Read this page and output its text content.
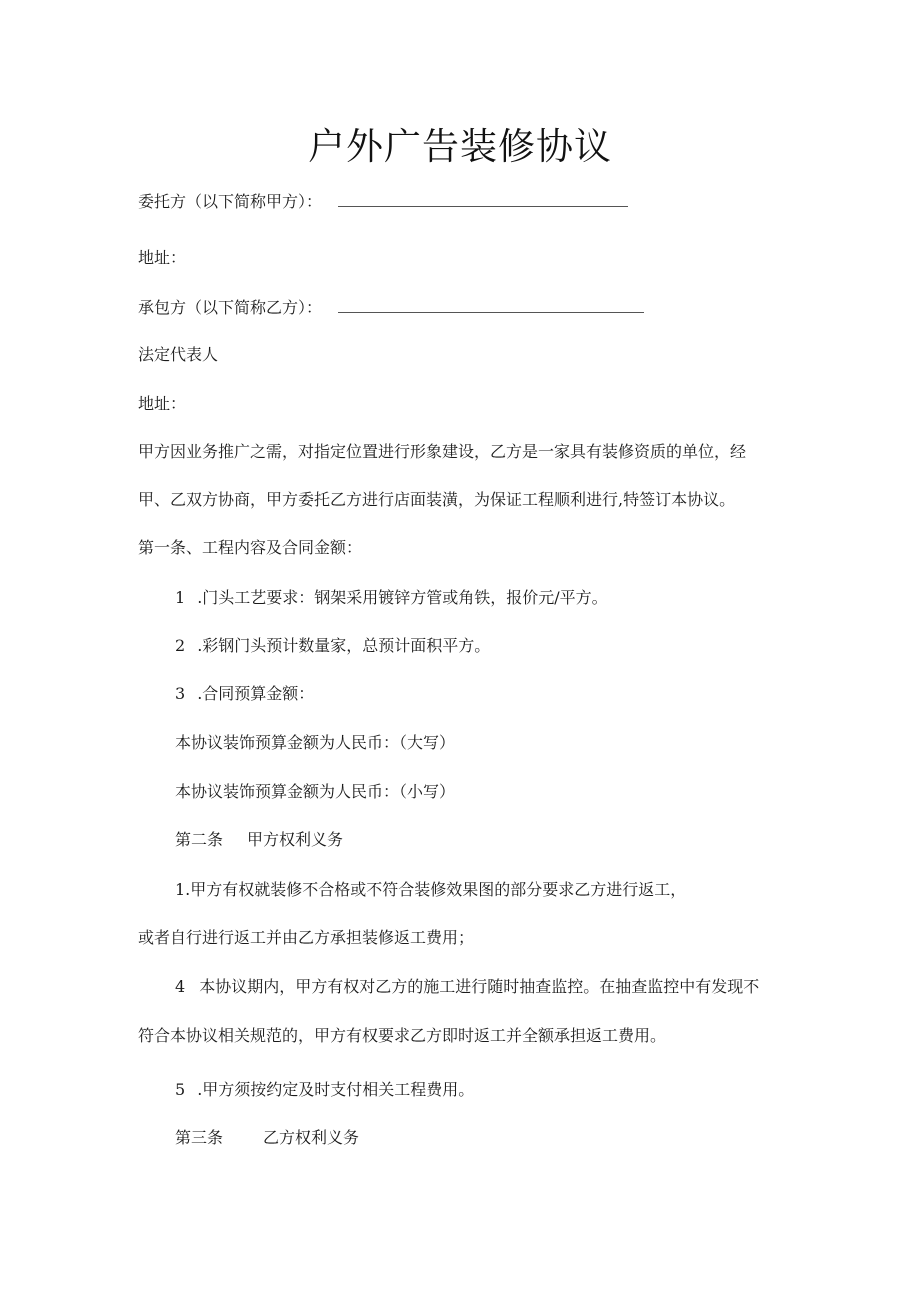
户外广告装修协议
委托方（以下简称甲方）：
地址：
承包方（以下简称乙方）：
法定代表人
地址：
甲方因业务推广之需，对指定位置进行形象建设，乙方是一家具有装修资质的单位，经
甲、乙双方协商，甲方委托乙方进行店面装潢，为保证工程顺利进行,特签订本协议。
第一条、工程内容及合同金额：
1 .门头工艺要求：钢架采用镀锌方管或角铁，报价元/平方。
2 .彩钢门头预计数量家，总预计面积平方。
3 .合同预算金额：
本协议装饰预算金额为人民币：（大写）
本协议装饰预算金额为人民币：（小写）
第二条 甲方权利义务
1.甲方有权就装修不合格或不符合装修效果图的部分要求乙方进行返工，
或者自行进行返工并由乙方承担装修返工费用；
4 本协议期内，甲方有权对乙方的施工进行随时抽查监控。在抽查监控中有发现不
符合本协议相关规范的，甲方有权要求乙方即时返工并全额承担返工费用。
5 .甲方须按约定及时支付相关工程费用。
第三条	乙方权利义务
